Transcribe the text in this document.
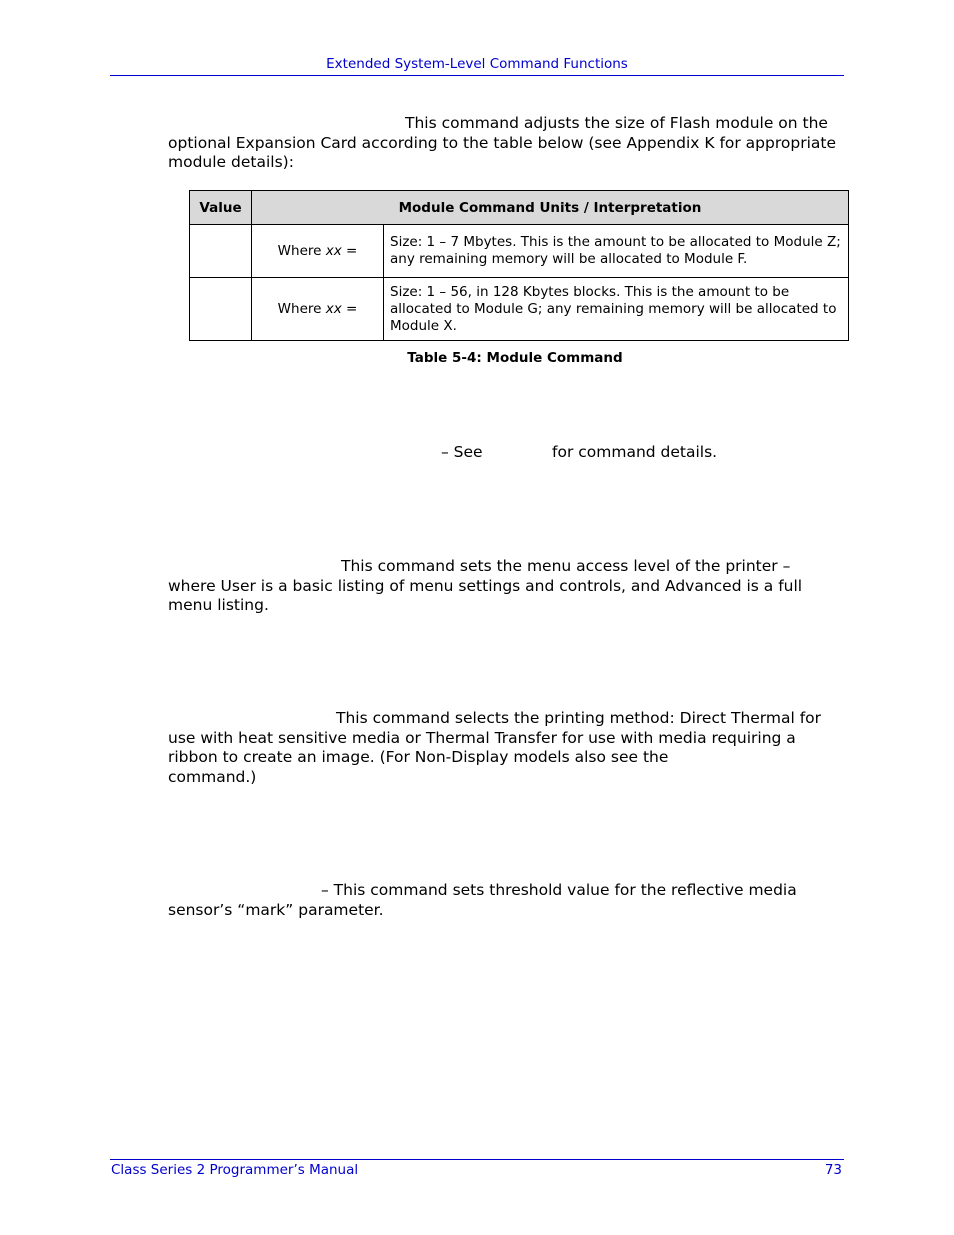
Extended System-Level Command Functions
This command adjusts the size of Flash module on the
optional Expansion Card according to the table below (see Appendix K for appropriate module details):
Value	Module Command Units / Interpretation	
	Where xx =	Size: 1 – 7 Mbytes. This is the amount to be allocated to Module Z; any remaining memory will be allocated to Module F.
	Where xx =	Size: 1 – 56, in 128 Kbytes blocks. This is the amount to be allocated to Module G; any remaining memory will be allocated to Module X.
Table 5-4: Module Command
– See	for command details.
This command sets the menu access level of the printer –
where User is a basic listing of menu settings and controls, and Advanced is a full menu listing.
This command selects the printing method: Direct Thermal for
use with heat sensitive media or Thermal Transfer for use with media requiring a
ribbon to create an image. (For Non-Display models also see the
command.)
– This command sets threshold value for the reflective media
sensor’s “mark” parameter.
Class Series 2 Programmer’s Manual	73
